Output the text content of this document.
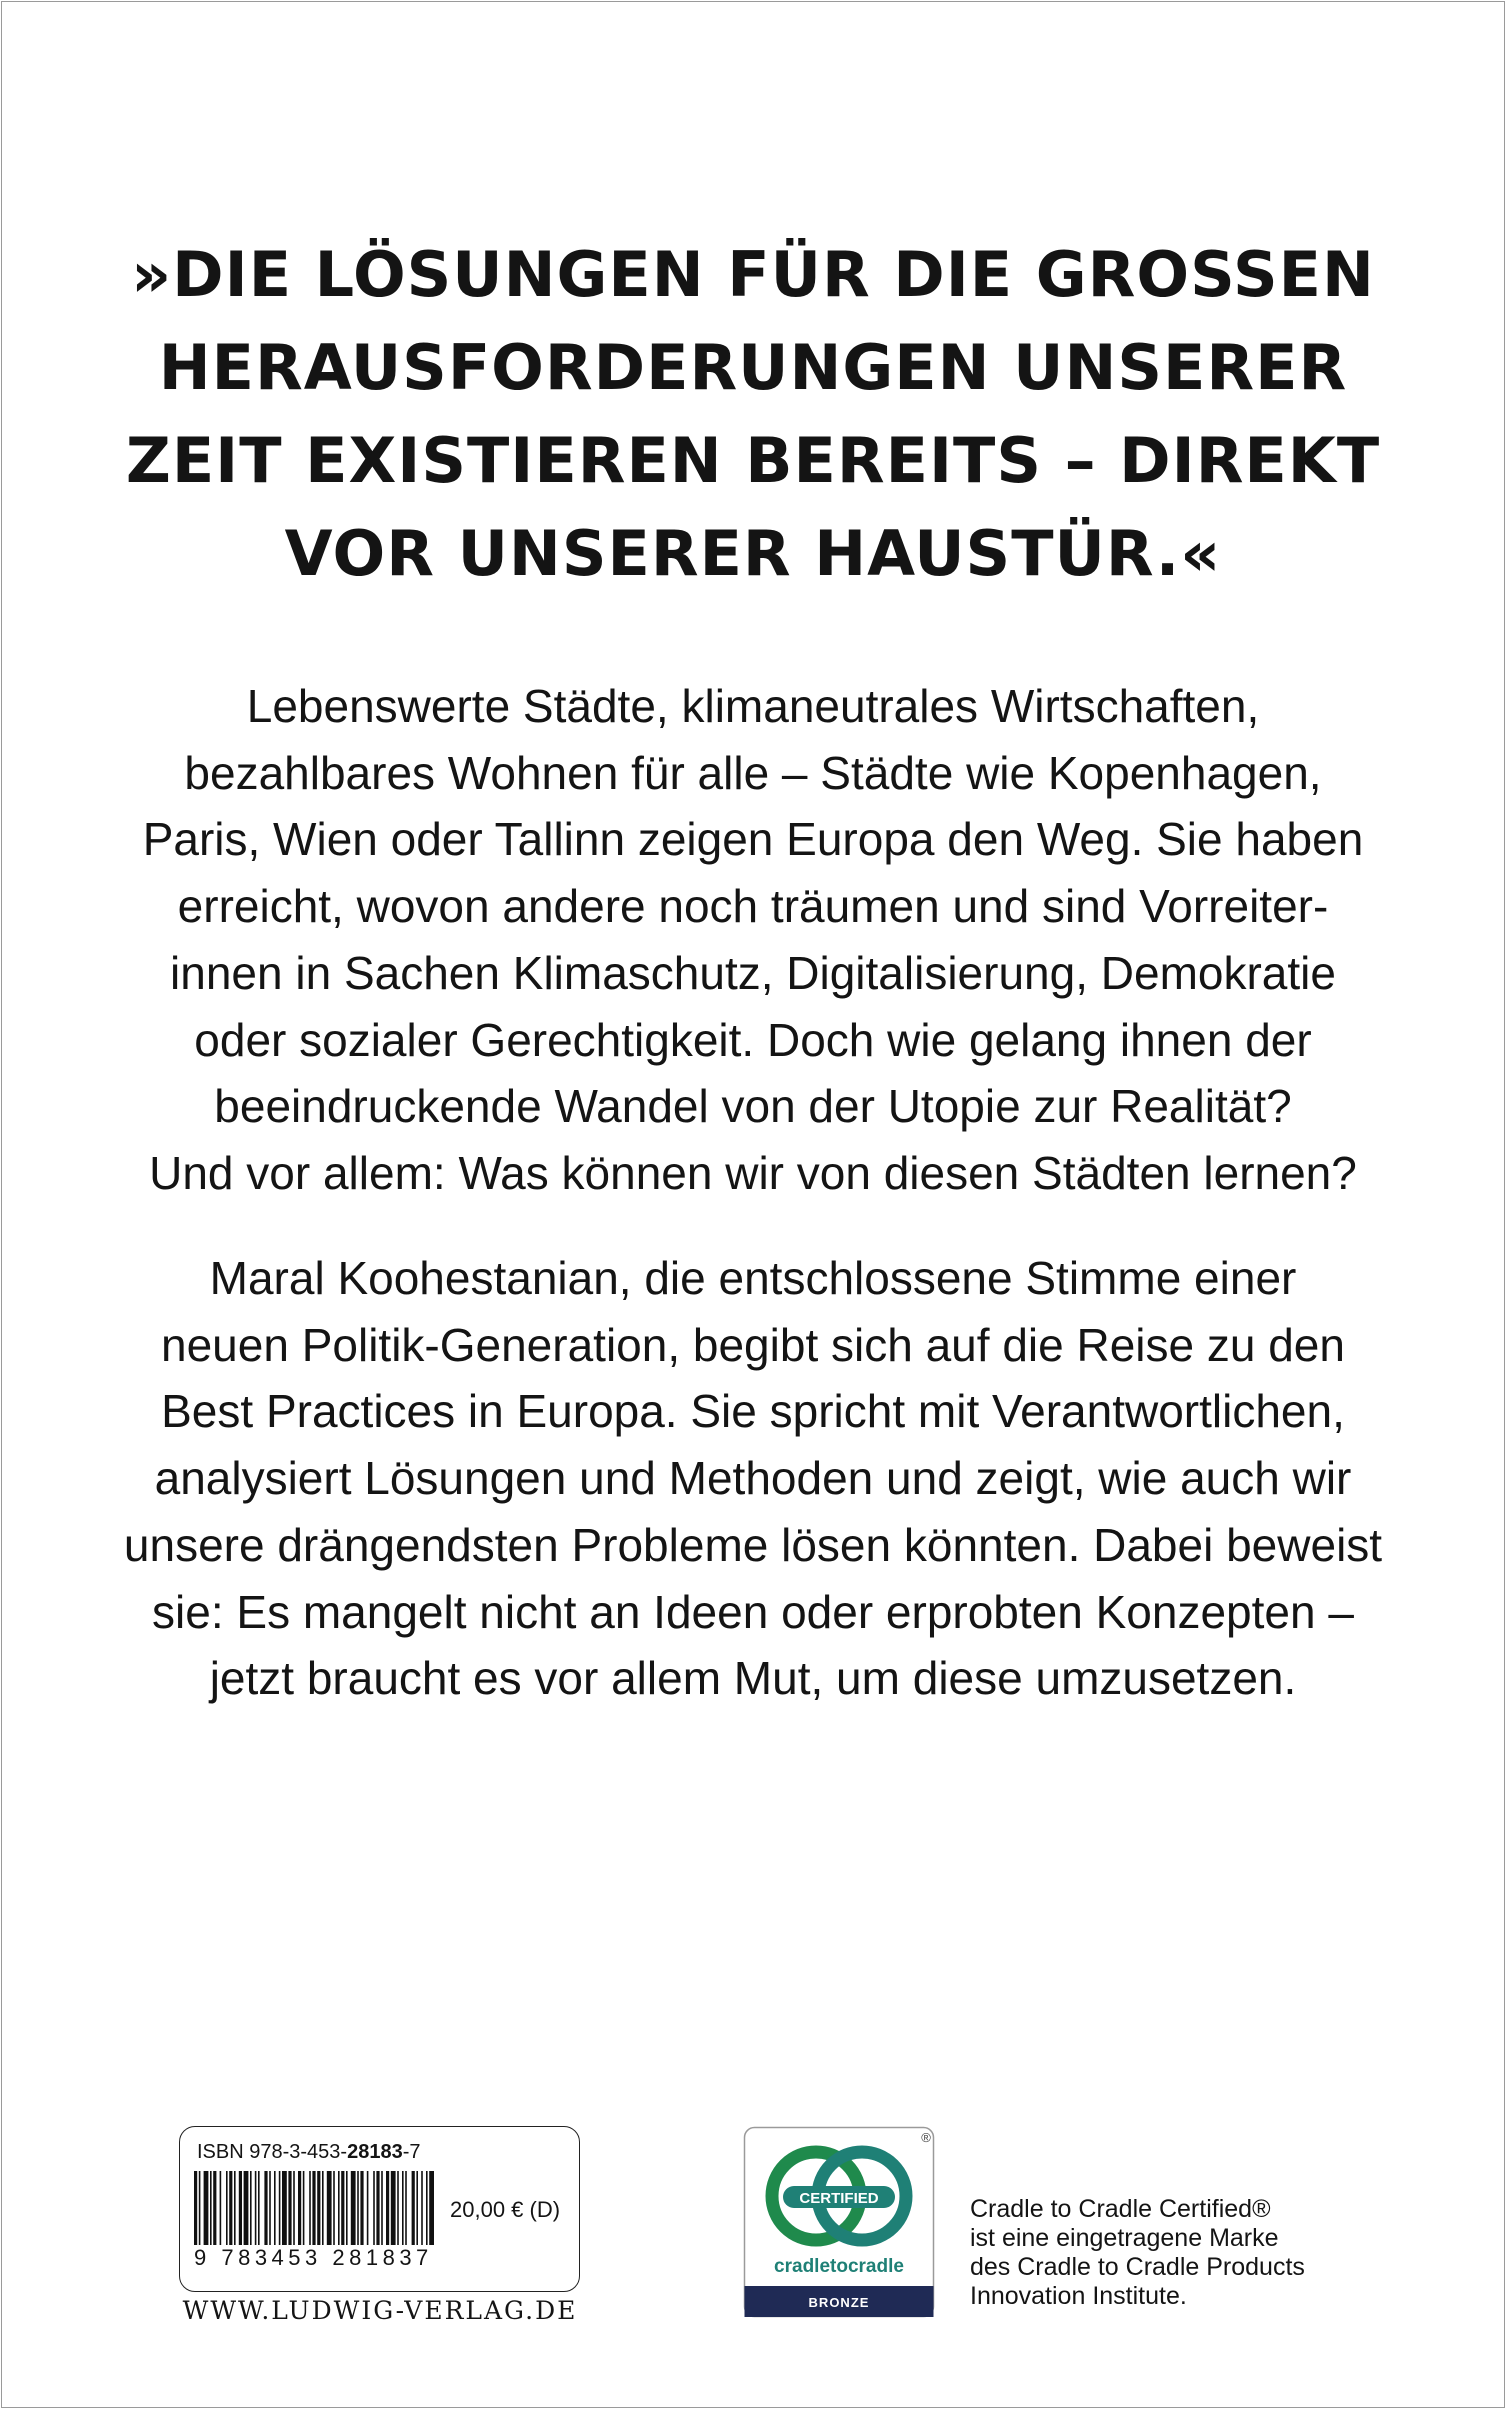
»DIE LÖSUNGEN FÜR DIE GROSSEN
HERAUSFORDERUNGEN UNSERER
ZEIT EXISTIEREN BEREITS – DIREKT
VOR UNSERER HAUSTÜR.«
Lebenswerte Städte, klimaneutrales Wirtschaften,
bezahlbares Wohnen für alle – Städte wie Kopenhagen,
Paris, Wien oder Tallinn zeigen Europa den Weg. Sie haben
erreicht, wovon andere noch träumen und sind Vorreiter-
innen in Sachen Klimaschutz, Digitalisierung, Demokratie
oder sozialer Gerechtigkeit. Doch wie gelang ihnen der
beeindruckende Wandel von der Utopie zur Realität?
Und vor allem: Was können wir von diesen Städten lernen?
Maral Koohestanian, die entschlossene Stimme einer
neuen Politik-Generation, begibt sich auf die Reise zu den
Best Practices in Europa. Sie spricht mit Verantwortlichen,
analysiert Lösungen und Methoden und zeigt, wie auch wir
unsere drängendsten Probleme lösen könnten. Dabei beweist
sie: Es mangelt nicht an Ideen oder erprobten Konzepten –
jetzt braucht es vor allem Mut, um diese umzusetzen.
ISBN 978-3-453-28183-7
9 783453 281837
20,00 € (D)
WWW.LUDWIG-VERLAG.DE
CERTIFIED
cradletocradle
BRONZE
®
Cradle to Cradle Certified®
ist eine eingetragene Marke
des Cradle to Cradle Products
Innovation Institute.
